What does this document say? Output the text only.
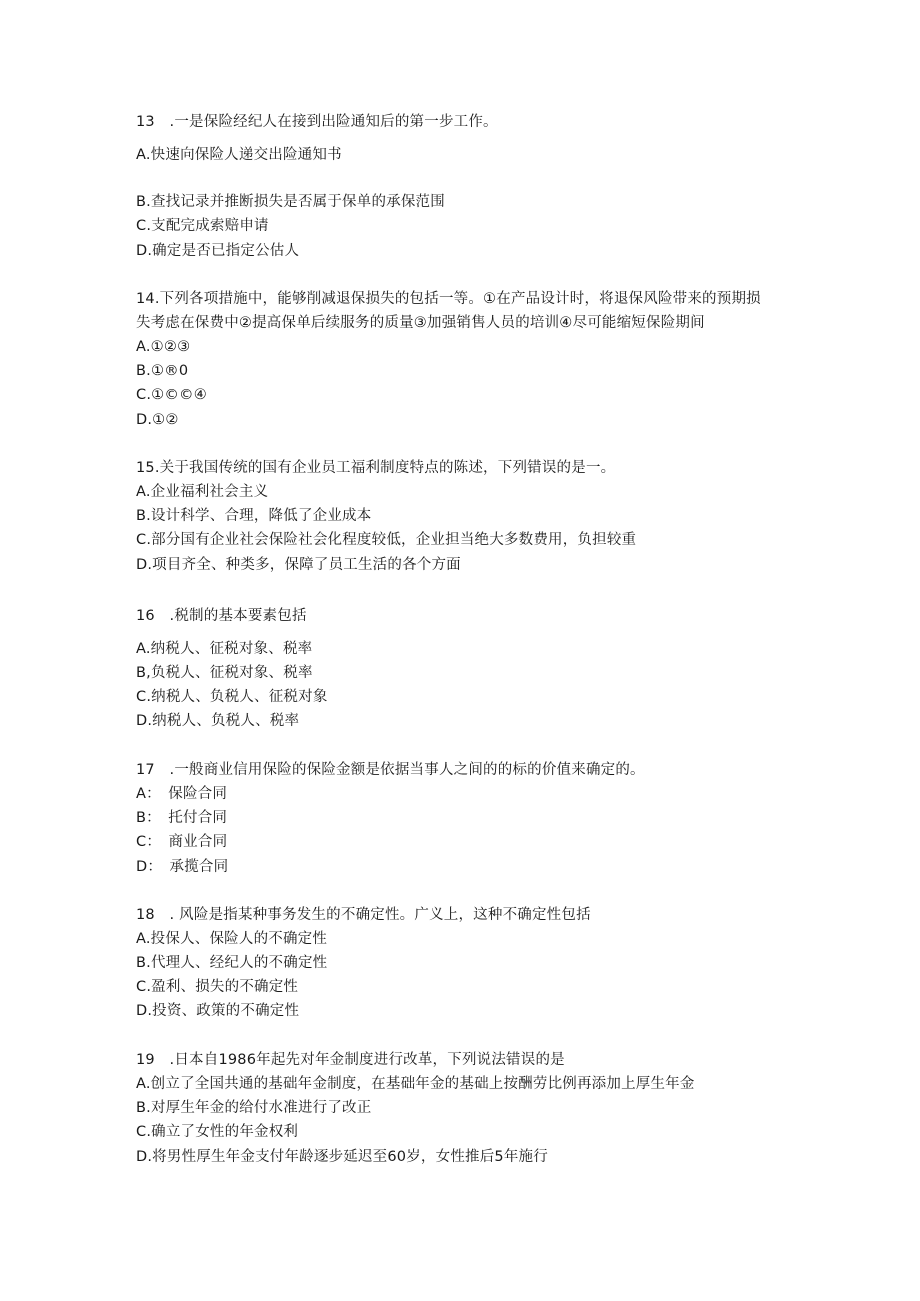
13　.一是保险经纪人在接到出险通知后的第一步工作。
A.快速向保险人递交出险通知书
B.查找记录并推断损失是否属于保单的承保范围
C.支配完成索赔申请
D.确定是否已指定公估人
14.下列各项措施中，能够削减退保损失的包括一等。①在产品设计时，将退保风险带来的预期损
失考虑在保费中②提高保单后续服务的质量③加强销售人员的培训④尽可能缩短保险期间
A.①②③
B.①®0
C.①©©④
D.①②
15.关于我国传统的国有企业员工福利制度特点的陈述，下列错误的是一。
A.企业福利社会主义
B.设计科学、合理，降低了企业成本
C.部分国有企业社会保险社会化程度较低，企业担当绝大多数费用，负担较重
D.项目齐全、种类多，保障了员工生活的各个方面
16　.税制的基本要素包括
A.纳税人、征税对象、税率
B,负税人、征税对象、税率
C.纳税人、负税人、征税对象
D.纳税人、负税人、税率
17　.一般商业信用保险的保险金额是依据当事人之间的的标的价值来确定的。
A：　保险合同
B：　托付合同
C：　商业合同
D：　承揽合同
18　. 风险是指某种事务发生的不确定性。广义上，这种不确定性包括
A.投保人、保险人的不确定性
B.代理人、经纪人的不确定性
C.盈利、损失的不确定性
D.投资、政策的不确定性
19　.日本自1986年起先对年金制度进行改革，下列说法错误的是
A.创立了全国共通的基础年金制度，在基础年金的基础上按酬劳比例再添加上厚生年金
B.对厚生年金的给付水准进行了改正
C.确立了女性的年金权利
D.将男性厚生年金支付年龄逐步延迟至60岁，女性推后5年施行
